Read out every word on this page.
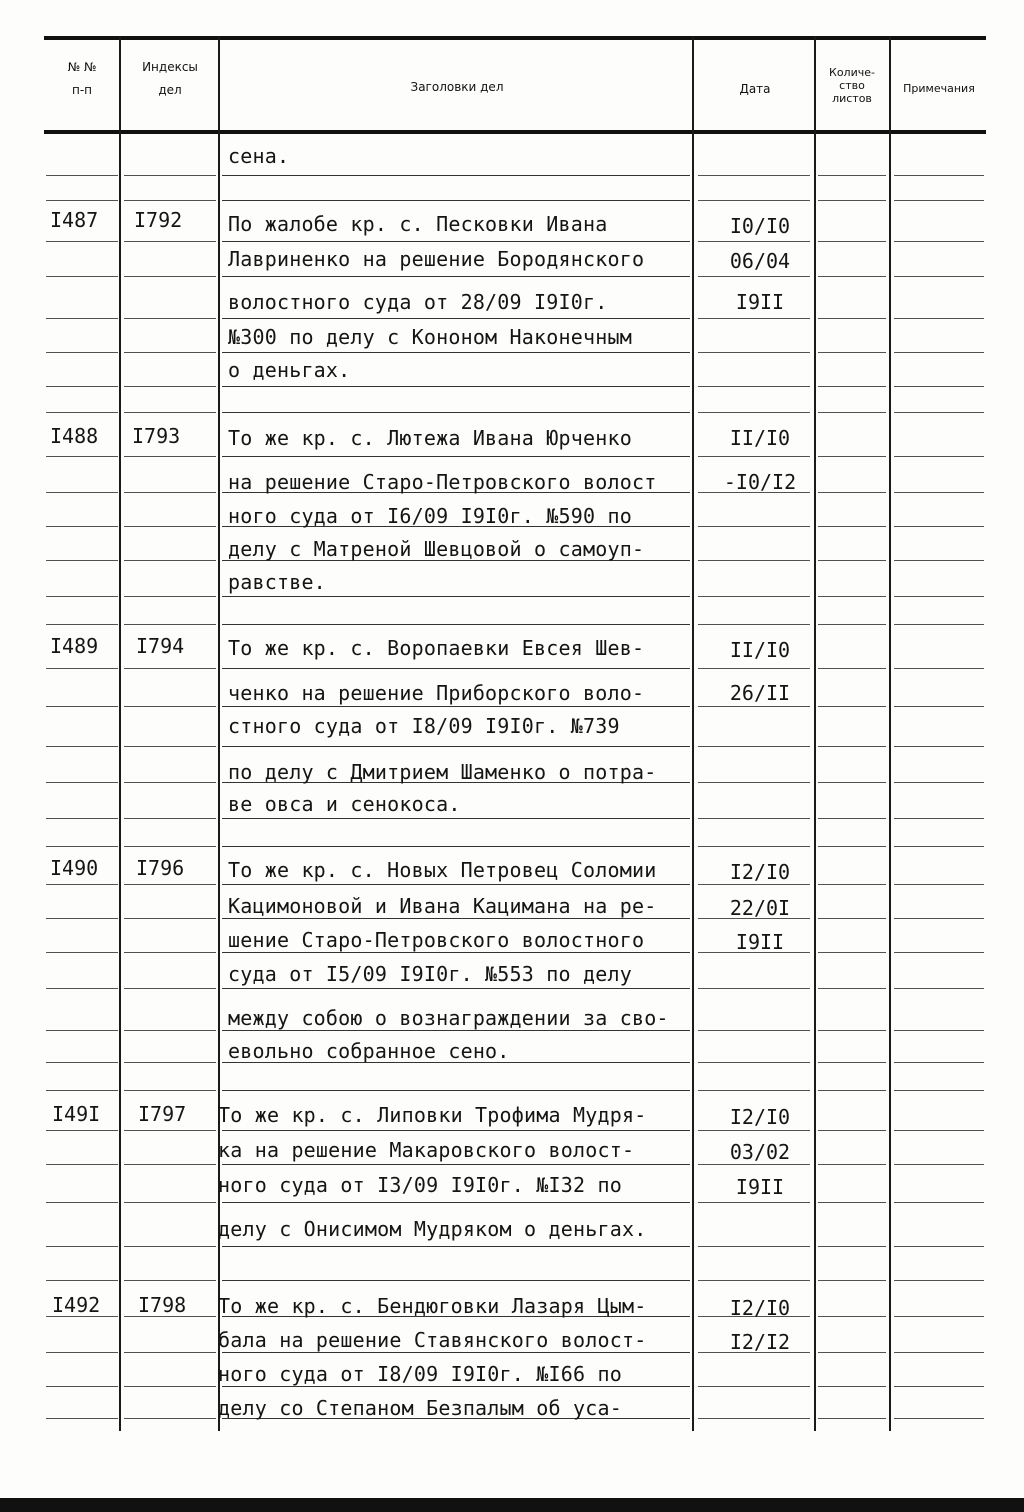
№ №
п-п
Индексы
дел	Заголовки дел	Дата
Количе-
ство
листов
Примечания
сена.
I487 I792 По жалобе кр. с. Песковки Ивана
Лавриненко на решение Бородянского
волостного суда от 28/09 I9I0г.
№300 по делу с Кононом Наконечным
о деньгах.
I0/I0
06/04
I9II
I488 I793 То же кр. с. Лютежа Ивана Юрченко
на решение Старо-Петровского волост
ного суда от I6/09 I9I0г. №590 по
делу с Матреной Шевцовой о самоуп-
равстве.
II/I0
-I0/I2
I489 I794 То же кр. с. Воропаевки Евсея Шев-
ченко на решение Приборского воло-
стного суда от I8/09 I9I0г. №739
по делу с Дмитрием Шаменко о потра-
ве овса и сенокоса.
II/I0
26/II
I490 I796 То же кр. с. Новых Петровец Соломии
Кацимоновой и Ивана Кацимана на ре-
шение Старо-Петровского волостного
суда от I5/09 I9I0г. №553 по делу
между собою о вознаграждении за сво-
евольно собранное сено.
I2/I0
22/0I
I9II
I49I I797 То же кр. с. Липовки Трофима Мудря-
ка на решение Макаровского волост-
ного суда от I3/09 I9I0г. №I32 по
делу с Онисимом Мудряком о деньгах.
I2/I0
03/02
I9II
I492 I798 То же кр. с. Бендюговки Лазаря Цым-
бала на решение Ставянского волост-
ного суда от I8/09 I9I0г. №I66 по
делу со Степаном Безпалым об уса-
I2/I0
I2/I2
